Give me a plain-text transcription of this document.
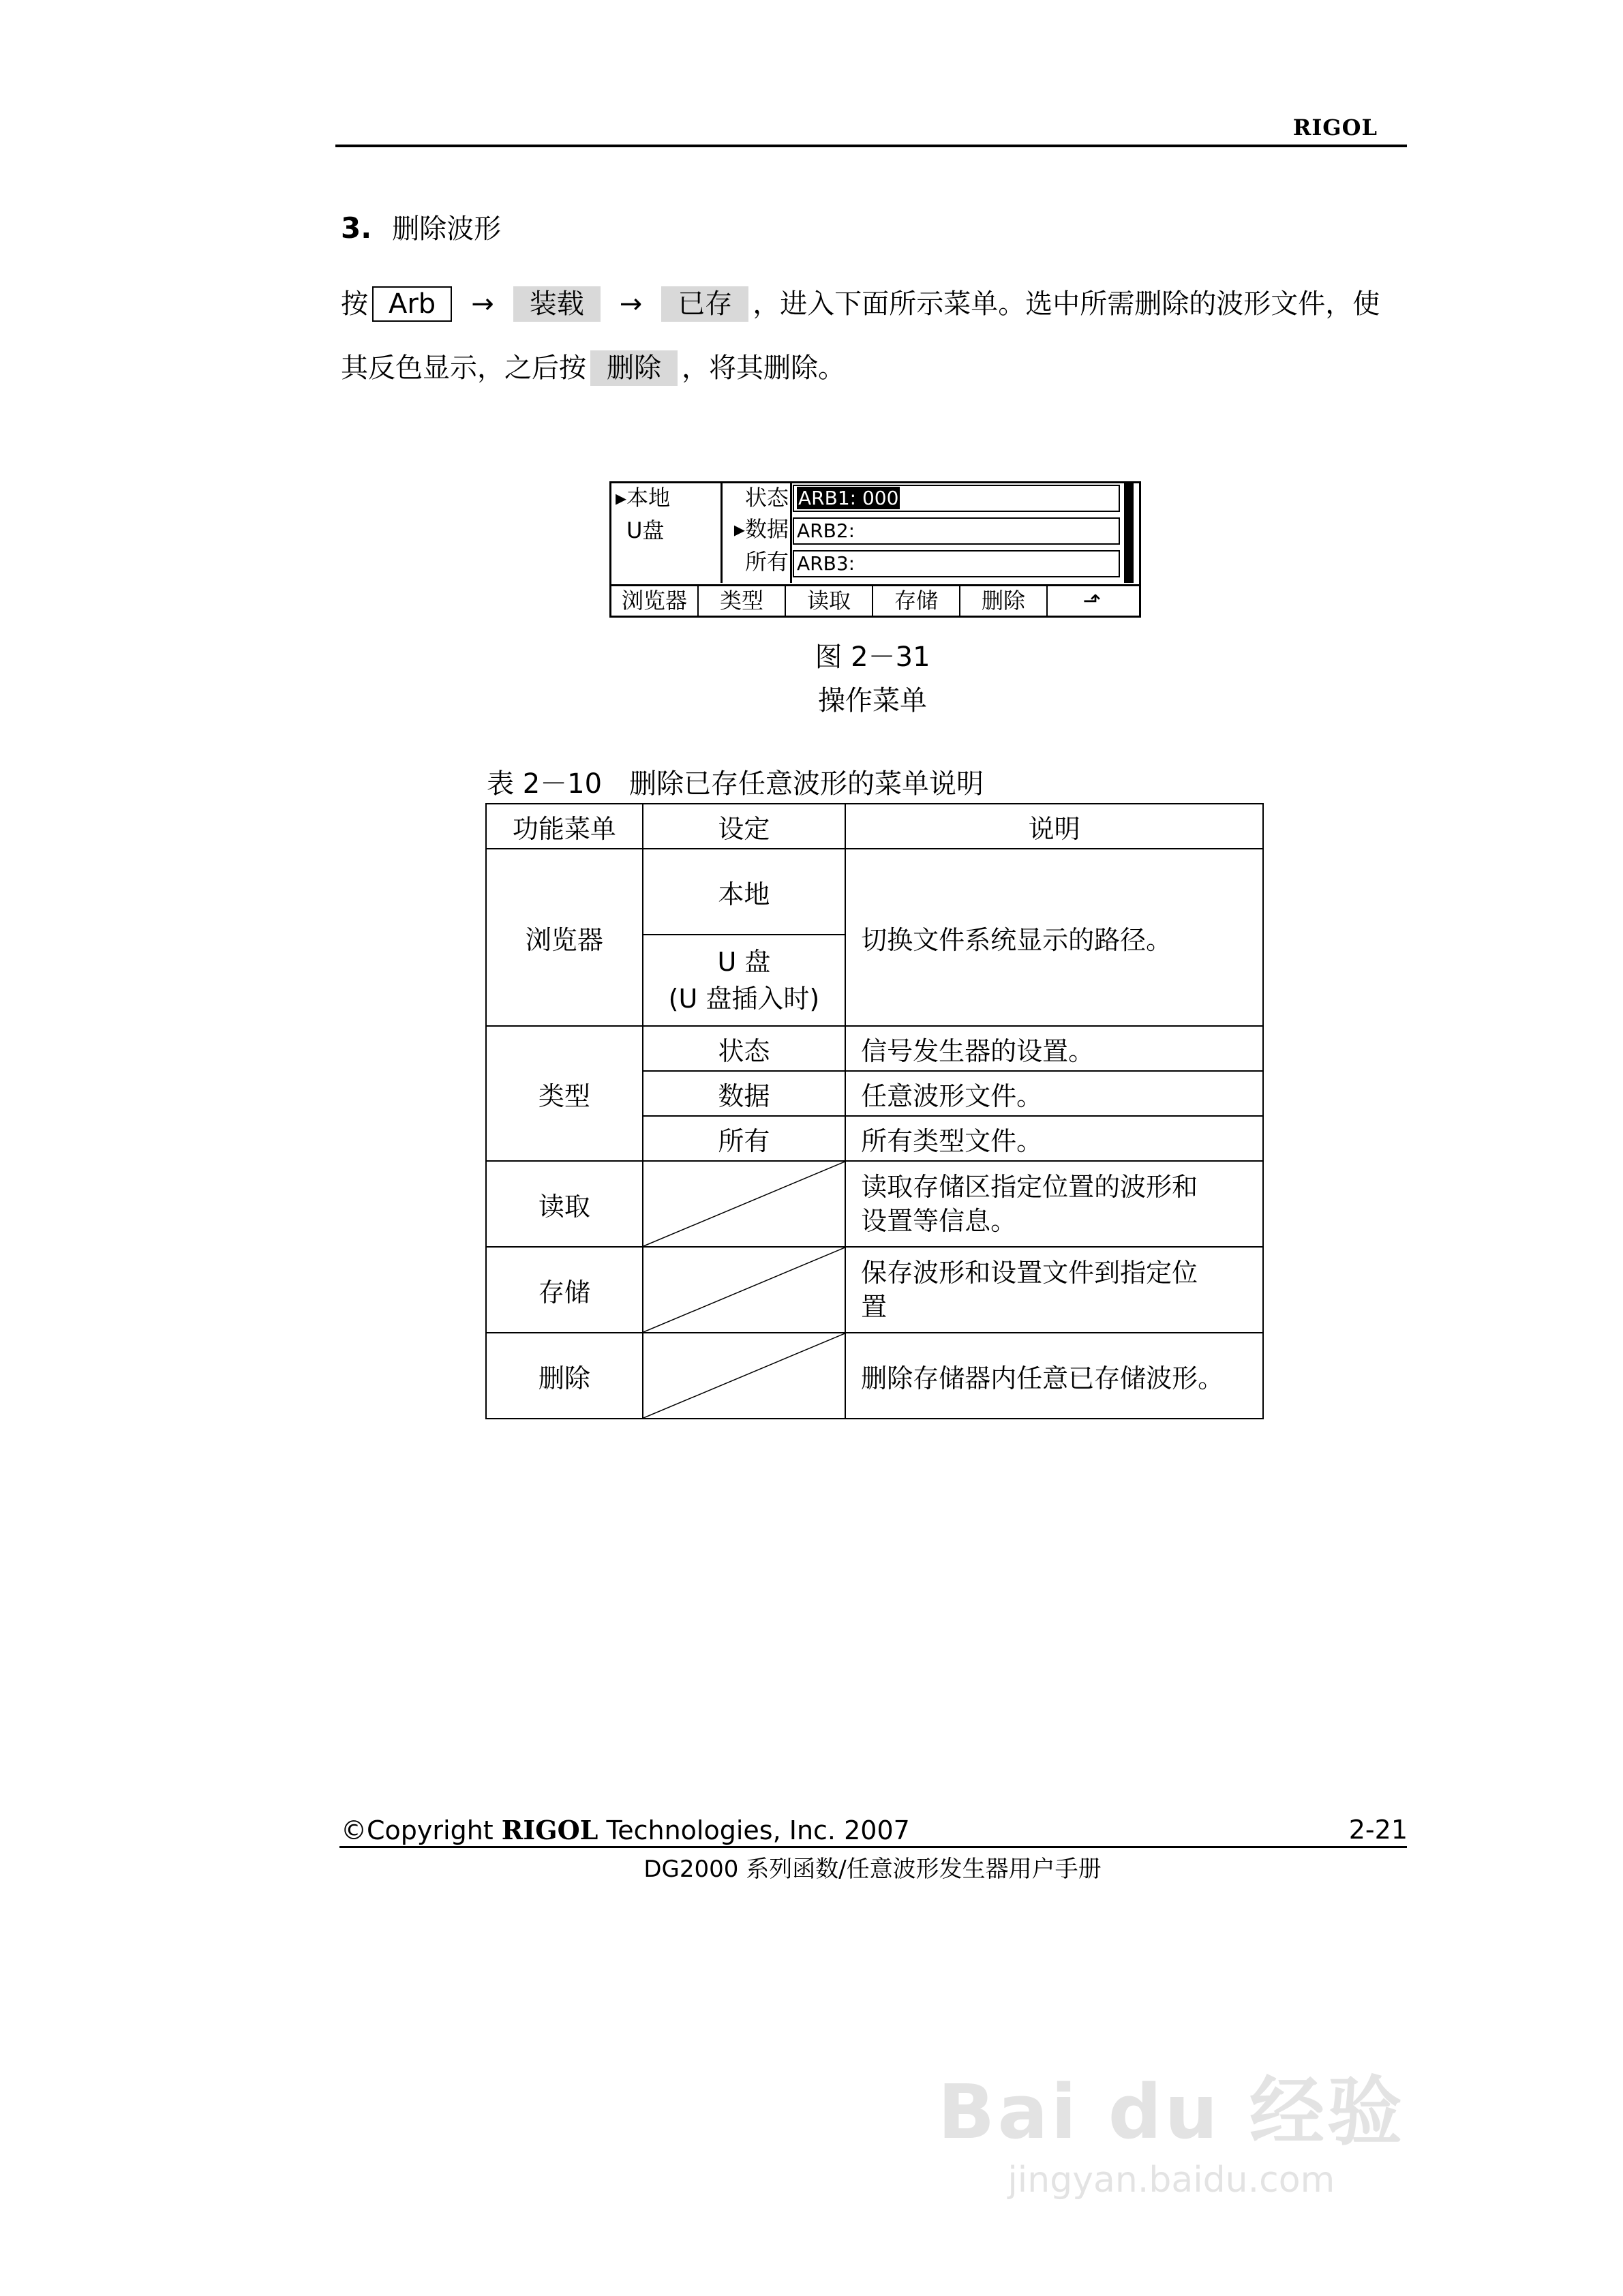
RIGOL
3. 删除波形
按 Arb → 装载 → 已存 ，进入下面所示菜单。选中所需删除的波形文件，使
其反色显示，之后按 删除 ，将其删除。
▸本地
U盘
状态
▸数据
所有
ARB1: 000
ARB2:
ARB3:
浏览器	类型	读取	存储	删除	⬏
图 2－31
操作菜单
表 2－10　删除已存任意波形的菜单说明
功能菜单	设定	说明
浏览器	本地	切换文件系统显示的路径。

	U 盘
(U 盘插入时)	

类型	状态	信号发生器的设置。
	数据	任意波形文件。
	所有	所有类型文件。
读取		读取存储区指定位置的波形和
设置等信息。

存储		保存波形和设置文件到指定位
置

删除		删除存储器内任意已存储波形。
©Copyright RIGOL Technologies, Inc. 2007	2-21
DG2000 系列函数/任意波形发生器用户手册
Bai du 经验
jingyan.baidu.com
